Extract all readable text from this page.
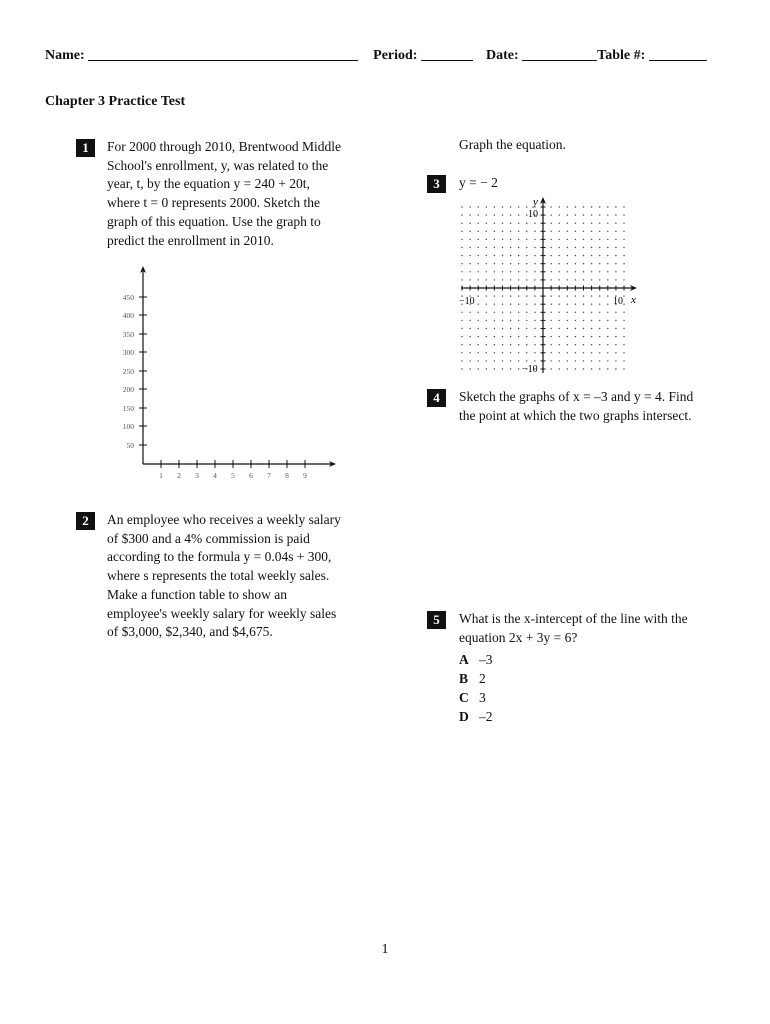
Name:	Period:	Date:	Table #:
Chapter 3 Practice Test
1	For 2000 through 2010, Brentwood Middle
School's enrollment, y, was related to the
year, t, by the equation y = 240 + 20t,
where t = 0 represents 2000. Sketch the
graph of this equation. Use the graph to
predict the enrollment in 2010.
450
400
350
300
250
200
150
100
50
1 2 3 4 5 6 7 8 9
2	An employee who receives a weekly salary
of $300 and a 4% commission is paid
according to the formula y = 0.04s + 300,
where s represents the total weekly sales.
Make a function table to show an
employee's weekly salary for weekly sales
of $3,000, $2,340, and $4,675.
Graph the equation.
3	y = − 2
y
x
−10	10
10
−10
4	Sketch the graphs of x = –3 and y = 4. Find
the point at which the two graphs intersect.
5	What is the x-intercept of the line with the
equation 2x + 3y = 6?
A –3
B 2
C 3
D –2
1
